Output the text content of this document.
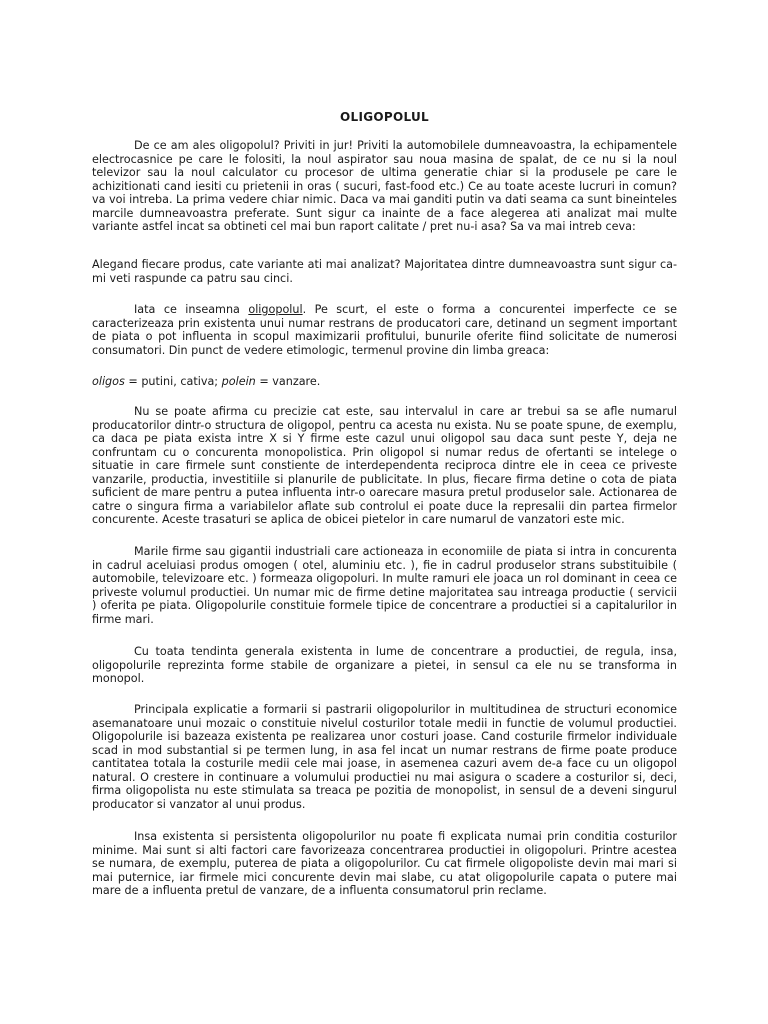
OLIGOPOLUL

De ce am ales oligopolul? Priviti in jur! Priviti la automobilele dumneavoastra, la echipamentele electrocasnice pe care le folositi, la noul aspirator sau noua masina de spalat, de ce nu si la noul televizor sau la noul calculator cu procesor de ultima generatie chiar si la produsele pe care le achizitionati cand iesiti cu prietenii in oras ( sucuri, fast-food etc.) Ce au toate aceste lucruri in comun? va voi intreba. La prima vedere chiar nimic. Daca va mai ganditi putin va dati seama ca sunt bineinteles marcile dumneavoastra preferate. Sunt sigur ca inainte de a face alegerea ati analizat mai multe variante astfel incat sa obtineti cel mai bun raport calitate / pret nu-i asa? Sa va mai intreb ceva:

Alegand fiecare produs, cate variante ati mai analizat? Majoritatea dintre dumneavoastra sunt sigur ca-mi veti raspunde ca patru sau cinci.

Iata ce inseamna oligopolul. Pe scurt, el este o forma a concurentei imperfecte ce se caracterizeaza prin existenta unui numar restrans de producatori care, detinand un segment important de piata o pot influenta in scopul maximizarii profitului, bunurile oferite fiind solicitate de numerosi consumatori. Din punct de vedere etimologic, termenul provine din limba greaca:

oligos = putini, cativa; polein = vanzare.

Nu se poate afirma cu precizie cat este, sau intervalul in care ar trebui sa se afle numarul producatorilor dintr-o structura de oligopol, pentru ca acesta nu exista. Nu se poate spune, de exemplu, ca daca pe piata exista intre X si Y firme este cazul unui oligopol sau daca sunt peste Y, deja ne confruntam cu o concurenta monopolistica. Prin oligopol si numar redus de ofertanti se intelege o situatie in care firmele sunt constiente de interdependenta reciproca dintre ele in ceea ce priveste vanzarile, productia, investitiile si planurile de publicitate. In plus, fiecare firma detine o cota de piata suficient de mare pentru a putea influenta intr-o oarecare masura pretul produselor sale. Actionarea de catre o singura firma a variabilelor aflate sub controlul ei poate duce la represalii din partea firmelor concurente. Aceste trasaturi se aplica de obicei pietelor in care numarul de vanzatori este mic.

Marile firme sau gigantii industriali care actioneaza in economiile de piata si intra in concurenta in cadrul aceluiasi produs omogen ( otel, aluminiu etc. ), fie in cadrul produselor strans substituibile ( automobile, televizoare etc. ) formeaza oligopoluri. In multe ramuri ele joaca un rol dominant in ceea ce priveste volumul productiei. Un numar mic de firme detine majoritatea sau intreaga productie ( servicii ) oferita pe piata. Oligopolurile constituie formele tipice de concentrare a productiei si a capitalurilor in firme mari.

Cu toata tendinta generala existenta in lume de concentrare a productiei, de regula, insa, oligopolurile reprezinta forme stabile de organizare a pietei, in sensul ca ele nu se transforma in monopol.

Principala explicatie a formarii si pastrarii oligopolurilor in multitudinea de structuri economice asemanatoare unui mozaic o constituie nivelul costurilor totale medii in functie de volumul productiei. Oligopolurile isi bazeaza existenta pe realizarea unor costuri joase. Cand costurile firmelor individuale scad in mod substantial si pe termen lung, in asa fel incat un numar restrans de firme poate produce cantitatea totala la costurile medii cele mai joase, in asemenea cazuri avem de-a face cu un oligopol natural. O crestere in continuare a volumului productiei nu mai asigura o scadere a costurilor si, deci, firma oligopolista nu este stimulata sa treaca pe pozitia de monopolist, in sensul de a deveni singurul producator si vanzator al unui produs.

Insa existenta si persistenta oligopolurilor nu poate fi explicata numai prin conditia costurilor minime. Mai sunt si alti factori care favorizeaza concentrarea productiei in oligopoluri. Printre acestea se numara, de exemplu, puterea de piata a oligopolurilor. Cu cat firmele oligopoliste devin mai mari si mai puternice, iar firmele mici concurente devin mai slabe, cu atat oligopolurile capata o putere mai mare de a influenta pretul de vanzare, de a influenta consumatorul prin reclame.
